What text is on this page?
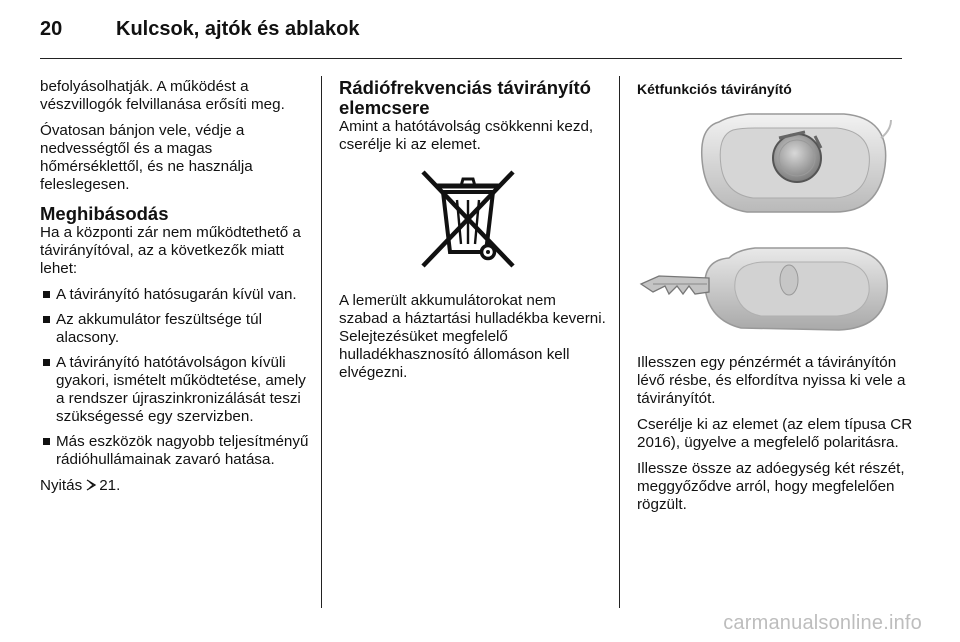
20	Kulcsok, ajtók és ablakok

befolyásolhatják. A működést a vészvillogók felvillanása erősíti meg.

Óvatosan bánjon vele, védje a nedvességtől és a magas hőmérséklettől, és ne használja feleslegesen.

Meghibásodás

Ha a központi zár nem működtethető a távirányítóval, az a következők miatt lehet:

A távirányító hatósugarán kívül van.
Az akkumulátor feszültsége túl alacsony.
A távirányító hatótávolságon kívüli gyakori, ismételt működtetése, amely a rendszer újraszinkronizálását teszi szükségessé egy szervizben.
Más eszközök nagyobb teljesítményű rádióhullámainak zavaró hatása.

Nyitás 21.

Rádiófrekvenciás távirányító elemcsere

Amint a hatótávolság csökkenni kezd, cserélje ki az elemet.

A lemerült akkumulátorokat nem szabad a háztartási hulladékba keverni. Selejtezésüket megfelelő hulladékhasznosító állomáson kell elvégezni.

Kétfunkciós távirányító

Illesszen egy pénzérmét a távirányítón lévő résbe, és elfordítva nyissa ki vele a távirányítót.

Cserélje ki az elemet (az elem típusa CR 2016), ügyelve a megfelelő polaritásra.

Illessze össze az adóegység két részét, meggyőződve arról, hogy megfelelően rögzült.

carmanualsonline.info
